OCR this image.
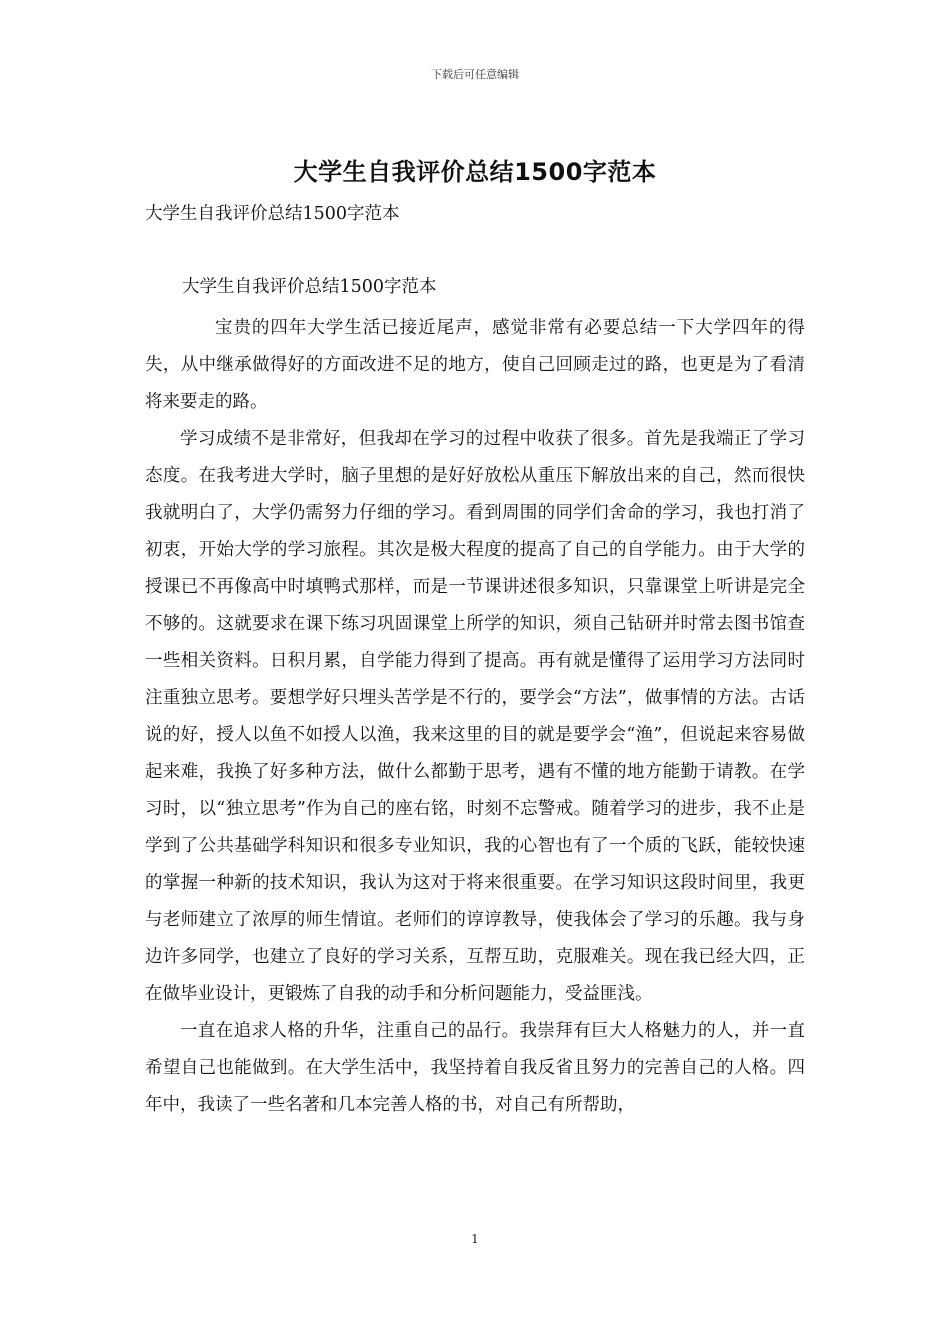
下载后可任意编辑
大学生自我评价总结1500字范本
大学生自我评价总结1500字范本
大学生自我评价总结1500字范本

宝贵的四年大学生活已接近尾声，感觉非常有必要总结一下大学四年的得失，从中继承做得好的方面改进不足的地方，使自己回顾走过的路，也更是为了看清将来要走的路。

学习成绩不是非常好，但我却在学习的过程中收获了很多。首先是我端正了学习态度。在我考进大学时，脑子里想的是好好放松从重压下解放出来的自己，然而很快我就明白了，大学仍需努力仔细的学习。看到周围的同学们舍命的学习，我也打消了初衷，开始大学的学习旅程。其次是极大程度的提高了自己的自学能力。由于大学的授课已不再像高中时填鸭式那样，而是一节课讲述很多知识，只靠课堂上听讲是完全不够的。这就要求在课下练习巩固课堂上所学的知识，须自己钻研并时常去图书馆查一些相关资料。日积月累，自学能力得到了提高。再有就是懂得了运用学习方法同时注重独立思考。要想学好只埋头苦学是不行的，要学会“方法”，做事情的方法。古话说的好，授人以鱼不如授人以渔，我来这里的目的就是要学会“渔”，但说起来容易做起来难，我换了好多种方法，做什么都勤于思考，遇有不懂的地方能勤于请教。在学习时，以“独立思考”作为自己的座右铭，时刻不忘警戒。随着学习的进步，我不止是学到了公共基础学科知识和很多专业知识，我的心智也有了一个质的飞跃，能较快速的掌握一种新的技术知识，我认为这对于将来很重要。在学习知识这段时间里，我更与老师建立了浓厚的师生情谊。老师们的谆谆教导，使我体会了学习的乐趣。我与身边许多同学，也建立了良好的学习关系，互帮互助，克服难关。现在我已经大四，正在做毕业设计，更锻炼了自我的动手和分析问题能力，受益匪浅。

一直在追求人格的升华，注重自己的品行。我崇拜有巨大人格魅力的人，并一直希望自己也能做到。在大学生活中，我坚持着自我反省且努力的完善自己的人格。四年中，我读了一些名著和几本完善人格的书，对自己有所帮助，

1
